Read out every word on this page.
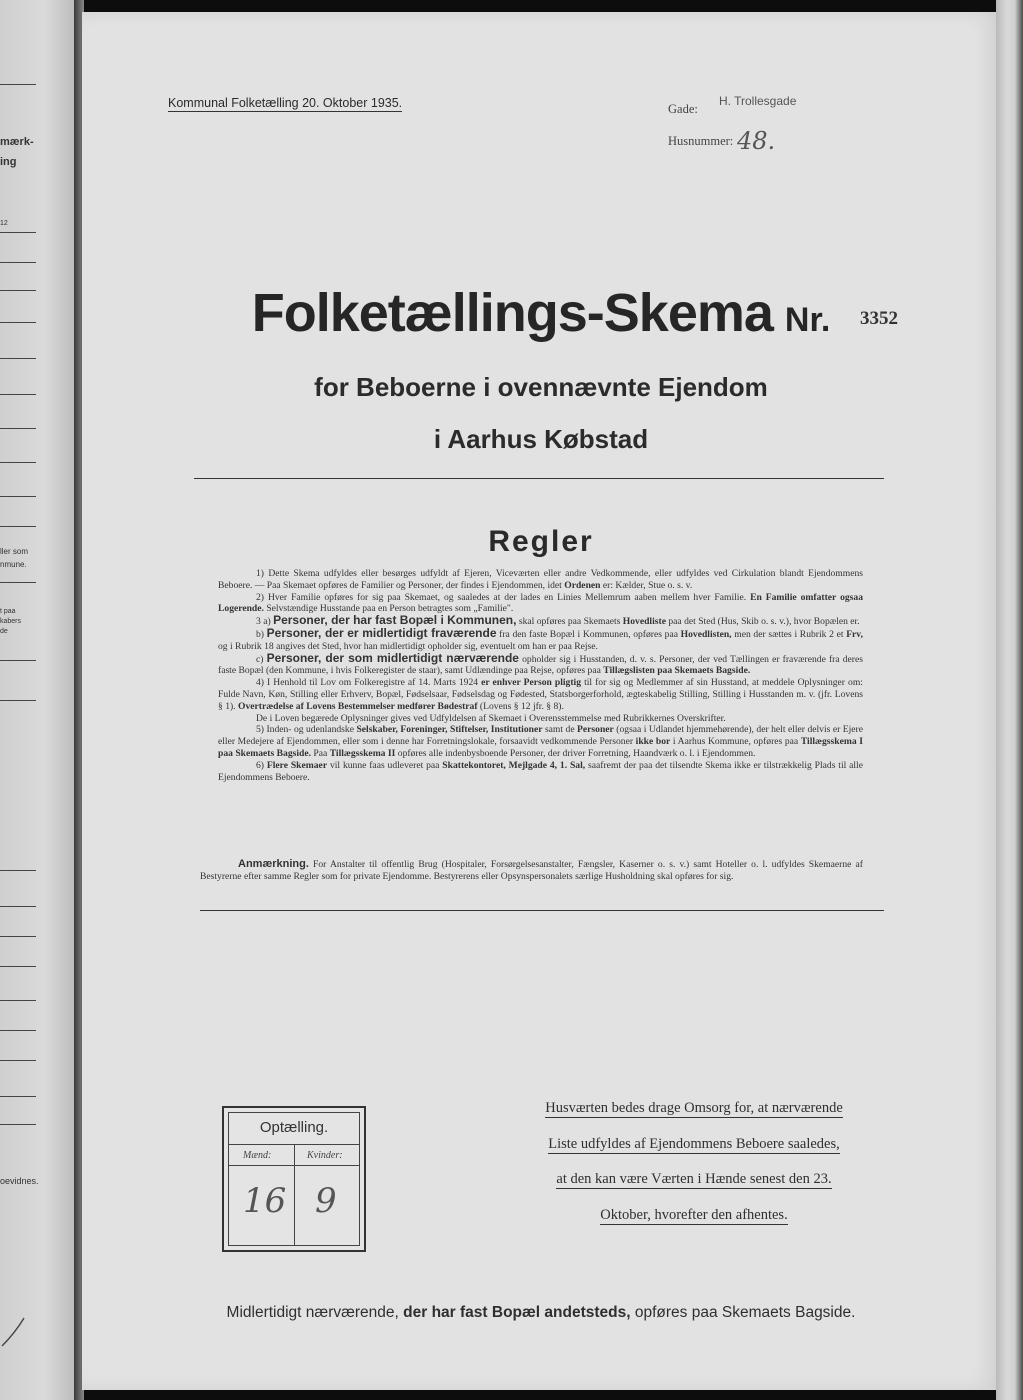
mærk-
ing
12
ller som
nmune.
t paa
kabers
de
oevidnes.
Kommunal Folketælling 20. Oktober 1935.	Gade:
H. Trollesgade
Husnummer: 48.
Folketællings-Skema Nr.	3352
for Beboerne i ovennævnte Ejendom
i Aarhus Købstad
Regler

1) Dette Skema udfyldes eller besørges udfyldt af Ejeren, Viceværten eller andre Vedkommende, eller udfyldes ved Cirkulation blandt Ejendommens Beboere. — Paa Skemaet opføres de Familier og Personer, der findes i Ejendommen, idet Ordenen er: Kælder, Stue o. s. v.

2) Hver Familie opføres for sig paa Skemaet, og saaledes at der lades en Linies Mellemrum aaben mellem hver Familie. En Familie omfatter ogsaa Logerende. Selvstændige Husstande paa en Person betragtes som „Familie".

3 a) Personer, der har fast Bopæl i Kommunen, skal opføres paa Skemaets Hovedliste paa det Sted (Hus, Skib o. s. v.), hvor Bopælen er.

b) Personer, der er midlertidigt fraværende fra den faste Bopæl i Kommunen, opføres paa Hovedlisten, men der sættes i Rubrik 2 et Frv, og i Rubrik 18 angives det Sted, hvor han midlertidigt opholder sig, eventuelt om han er paa Rejse.

c) Personer, der som midlertidigt nærværende opholder sig i Husstanden, d. v. s. Personer, der ved Tællingen er fraværende fra deres faste Bopæl (den Kommune, i hvis Folkeregister de staar), samt Udlændinge paa Rejse, opføres paa Tillægslisten paa Skemaets Bagside.

4) I Henhold til Lov om Folkeregistre af 14. Marts 1924 er enhver Person pligtig til for sig og Medlemmer af sin Husstand, at meddele Oplysninger om: Fulde Navn, Køn, Stilling eller Erhverv, Bopæl, Fødselsaar, Fødselsdag og Fødested, Statsborgerforhold, ægteskabelig Stilling, Stilling i Husstanden m. v. (jfr. Lovens § 1). Overtrædelse af Lovens Bestemmelser medfører Bødestraf (Lovens § 12 jfr. § 8).

De i Loven begærede Oplysninger gives ved Udfyldelsen af Skemaet i Overensstemmelse med Rubrikkernes Overskrifter.

5) Inden- og udenlandske Selskaber, Foreninger, Stiftelser, Institutioner samt de Personer (ogsaa i Udlandet hjemmehørende), der helt eller delvis er Ejere eller Medejere af Ejendommen, eller som i denne har Forretningslokale, forsaavidt vedkommende Personer ikke bor i Aarhus Kommune, opføres paa Tillægsskema I paa Skemaets Bagside. Paa Tillægsskema II opføres alle indenbysboende Personer, der driver Forretning, Haandværk o. l. i Ejendommen.

6) Flere Skemaer vil kunne faas udleveret paa Skattekontoret, Mejlgade 4, 1. Sal, saafremt der paa det tilsendte Skema ikke er tilstrækkelig Plads til alle Ejendommens Beboere.

Anmærkning. For Anstalter til offentlig Brug (Hospitaler, Forsørgelsesanstalter, Fængsler, Kaserner o. s. v.) samt Hoteller o. l. udfyldes Skemaerne af Bestyrerne efter samme Regler som for private Ejendomme. Bestyrerens eller Opsynspersonalets særlige Husholdning skal opføres for sig.
Optælling.
Mænd:	Kvinder:
16 9
Husværten bedes drage Omsorg for, at nærværende
Liste udfyldes af Ejendommens Beboere saaledes,
at den kan være Værten i Hænde senest den 23.
Oktober, hvorefter den afhentes.
Midlertidigt nærværende, der har fast Bopæl andetsteds, opføres paa Skemaets Bagside.
